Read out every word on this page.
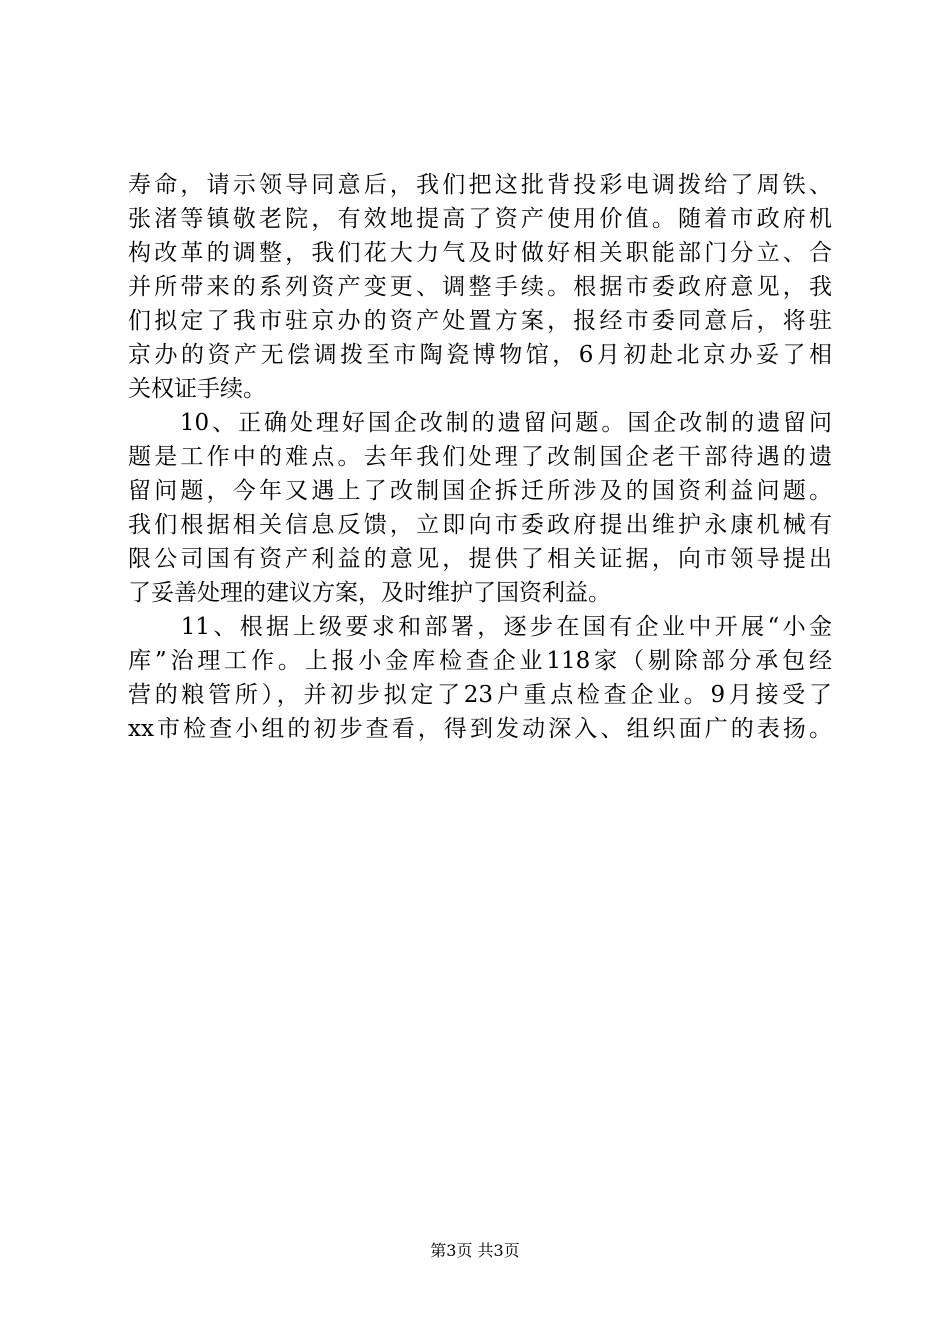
寿命，请示领导同意后，我们把这批背投彩电调拨给了周铁、
张渚等镇敬老院，有效地提高了资产使用价值。随着市政府机
构改革的调整，我们花大力气及时做好相关职能部门分立、合
并所带来的系列资产变更、调整手续。根据市委政府意见，我
们拟定了我市驻京办的资产处置方案，报经市委同意后，将驻
京办的资产无偿调拨至市陶瓷博物馆，6月初赴北京办妥了相
关权证手续。
　　10、正确处理好国企改制的遗留问题。国企改制的遗留问
题是工作中的难点。去年我们处理了改制国企老干部待遇的遗
留问题，今年又遇上了改制国企拆迁所涉及的国资利益问题。
我们根据相关信息反馈，立即向市委政府提出维护永康机械有
限公司国有资产利益的意见，提供了相关证据，向市领导提出
了妥善处理的建议方案，及时维护了国资利益。
　　11、根据上级要求和部署，逐步在国有企业中开展“小金
库”治理工作。上报小金库检查企业118家（剔除部分承包经
营的粮管所），并初步拟定了23户重点检查企业。9月接受了
xx市检查小组的初步查看，得到发动深入、组织面广的表扬。
第3页 共3页
